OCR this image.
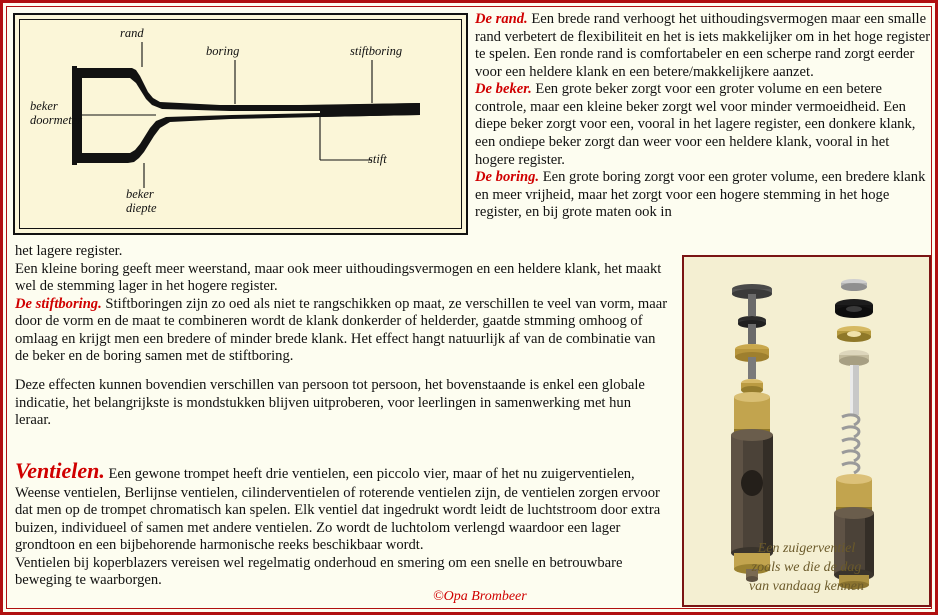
rand
boring	stiftboring
beker
doormeter
beker
diepte
stift

De rand. Een brede rand verhoogt het uithoudingsvermogen maar een smalle rand verbetert de flexibiliteit en het is iets makkelijker om in het hoge register te spelen. Een ronde rand is comfortabeler en een scherpe rand zorgt eerder voor een heldere klank en een betere/makkelijkere aanzet.

De beker. Een grote beker zorgt voor een groter volume en een betere controle, maar een kleine beker zorgt wel voor minder vermoeidheid. Een diepe beker zorgt voor een, vooral in het lagere register, een donkere klank, een ondiepe beker zorgt dan weer voor een heldere klank, vooral in het hogere register.

De boring. Een grote boring zorgt voor een groter volume, een bredere klank en meer vrijheid, maar het zorgt voor een hogere stemming in het hoge register, en bij grote maten ook in

het lagere register.

Een kleine boring geeft meer weerstand, maar ook meer uithoudingsvermogen en een heldere klank, het maakt wel de stemming lager in het hogere register.

De stiftboring. Stiftboringen zijn zo oed als niet te rangschikken op maat, ze verschillen te veel van vorm, maar door de vorm en de maat te combineren wordt de klank donkerder of helderder, gaatde stmming omhoog of omlaag en krijgt men een bredere of minder brede klank. Het effect hangt natuurlijk af van de combinatie van de beker en de boring samen met de stiftboring.

Deze effecten kunnen bovendien verschillen van persoon tot persoon, het bovenstaande is enkel een globale indicatie, het belangrijkste is mondstukken blijven uitproberen, voor leerlingen in samenwerking met hun leraar.

Ventielen. Een gewone trompet heeft drie ventielen, een piccolo vier, maar of het nu zuigerventielen, Weense ventielen, Berlijnse ventielen, cilinderventielen of roterende ventielen zijn, de ventielen zorgen ervoor dat men op de trompet chromatisch kan spelen. Elk ventiel dat ingedrukt wordt leidt de luchtstroom door extra buizen, individueel of samen met andere ventielen. Zo wordt de luchtolom verlengd waardoor een lager grondtoon en een bijbehorende harmonische reeks beschikbaar wordt.

Ventielen bij koperblazers vereisen wel regelmatig onderhoud en smering om een snelle en betrouwbare beweging te waarborgen.

Een zuigerventiel
zoals we die de dag
van vandaag kennen
©Opa Brombeer
